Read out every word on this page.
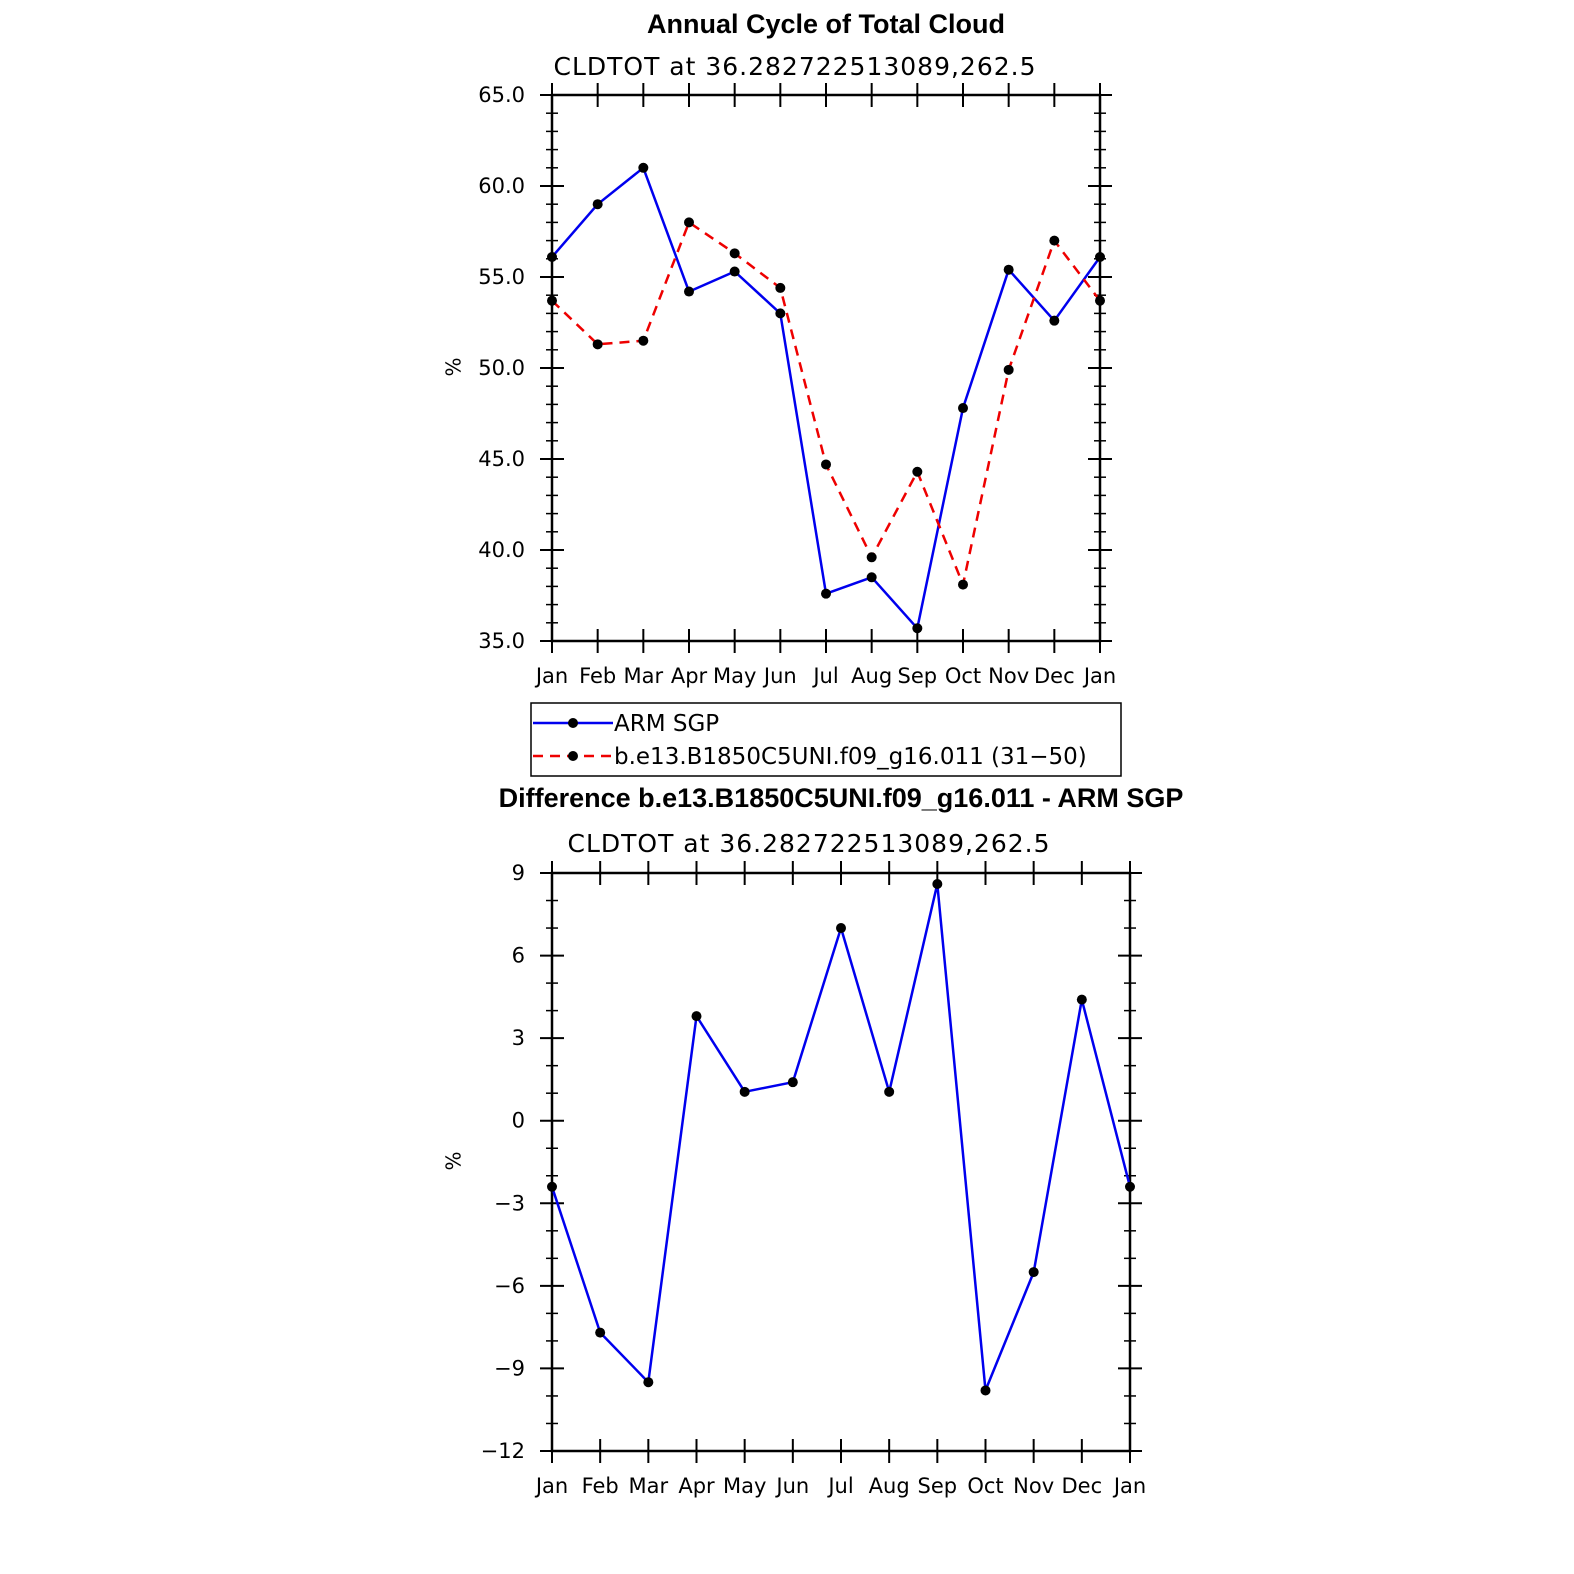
Annual Cycle of Total Cloud
CLDTOT at 36.282722513089,262.5
%
35.0
40.0
45.0
50.0
55.0
60.0
65.0
Jan Feb Mar Apr May Jun Jul Aug Sep Oct Nov Dec Jan
ARM SGP
b.e13.B1850C5UNI.f09_g16.011 (31−50)
Difference b.e13.B1850C5UNI.f09_g16.011 - ARM SGP
CLDTOT at 36.282722513089,262.5
%
−12
−9
−6
−3
0
3
6
9
Jan Feb Mar Apr May Jun Jul Aug Sep Oct Nov Dec Jan
